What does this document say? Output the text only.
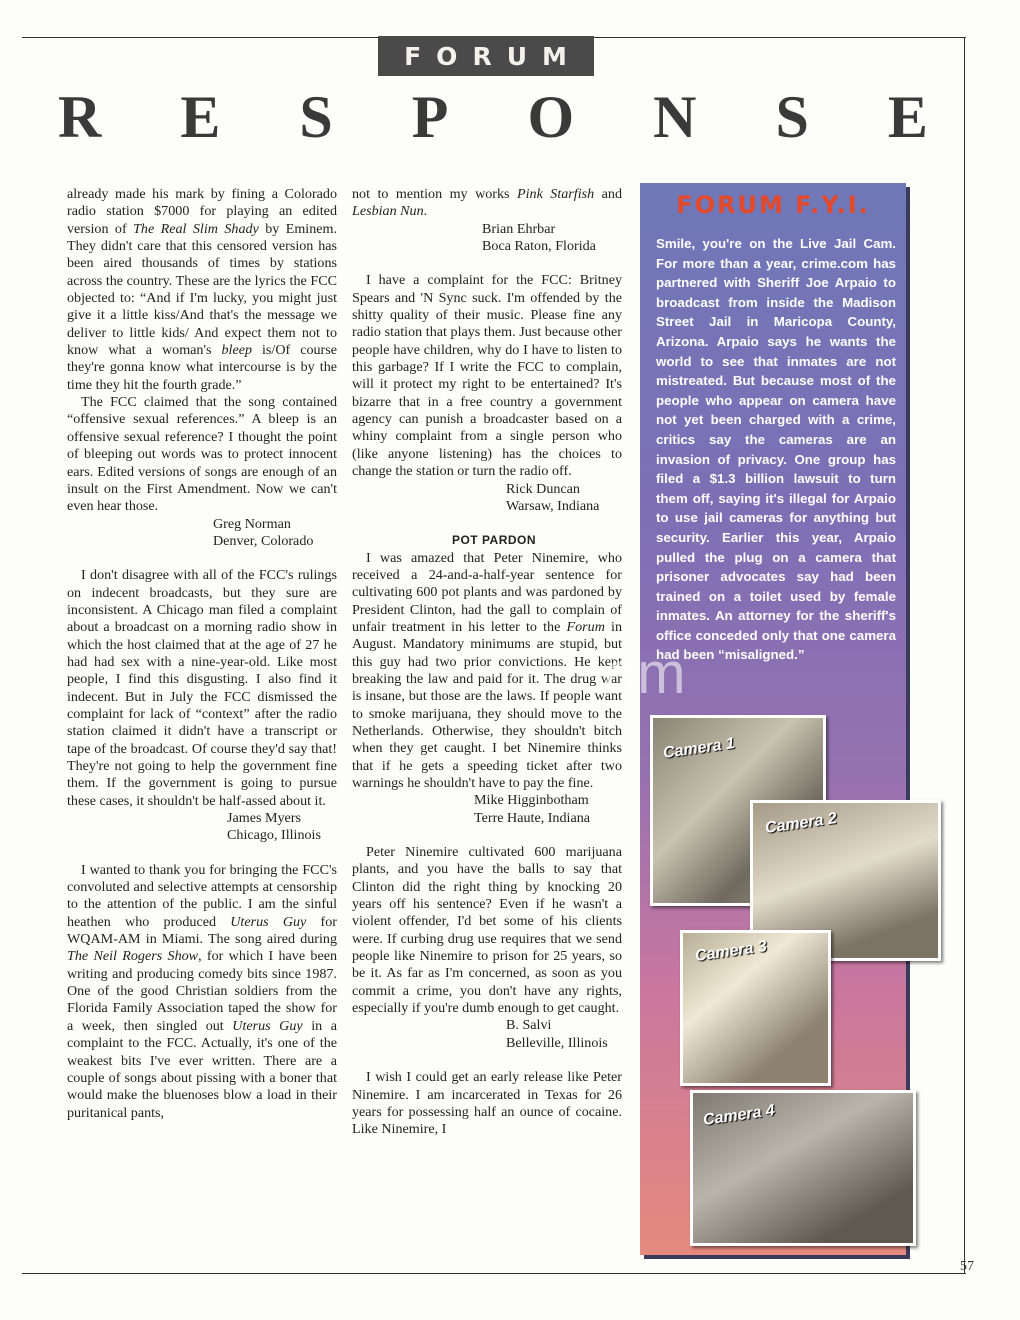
FORUM
R E S P O N S E

already made his mark by fining a Colorado radio station $7000 for playing an edited version of The Real Slim Shady by Eminem. They didn't care that this censored version has been aired thousands of times by stations across the country. These are the lyrics the FCC objected to: “And if I'm lucky, you might just give it a little kiss/And that's the message we deliver to little kids/ And expect them not to know what a woman's bleep is/Of course they're gonna know what intercourse is by the time they hit the fourth grade.”

The FCC claimed that the song contained “offensive sexual references.” A bleep is an offensive sexual reference? I thought the point of bleeping out words was to protect innocent ears. Edited versions of songs are enough of an insult on the First Amendment. Now we can't even hear those.

Greg Norman
Denver, Colorado

I don't disagree with all of the FCC's rulings on indecent broadcasts, but they sure are inconsistent. A Chicago man filed a complaint about a broadcast on a morning radio show in which the host claimed that at the age of 27 he had had sex with a nine-year-old. Like most people, I find this disgusting. I also find it indecent. But in July the FCC dismissed the complaint for lack of “context” after the radio station claimed it didn't have a transcript or tape of the broadcast. Of course they'd say that! They're not going to help the government fine them. If the government is going to pursue these cases, it shouldn't be half-assed about it.

James Myers
Chicago, Illinois

I wanted to thank you for bringing the FCC's convoluted and selective attempts at censorship to the attention of the public. I am the sinful heathen who produced Uterus Guy for WQAM-AM in Miami. The song aired during The Neil Rogers Show, for which I have been writing and producing comedy bits since 1987. One of the good Christian soldiers from the Florida Family Association taped the show for a week, then singled out Uterus Guy in a complaint to the FCC. Actually, it's one of the weakest bits I've ever written. There are a couple of songs about pissing with a boner that would make the bluenoses blow a load in their puritanical pants,

not to mention my works Pink Starfish and Lesbian Nun.

Brian Ehrbar
Boca Raton, Florida

I have a complaint for the FCC: Britney Spears and 'N Sync suck. I'm offended by the shitty quality of their music. Please fine any radio station that plays them. Just because other people have children, why do I have to listen to this garbage? If I write the FCC to complain, will it protect my right to be entertained? It's bizarre that in a free country a government agency can punish a broadcaster based on a whiny complaint from a single person who (like anyone listening) has the choices to change the station or turn the radio off.

Rick Duncan
Warsaw, Indiana

POT PARDON

I was amazed that Peter Ninemire, who received a 24-and-a-half-year sentence for cultivating 600 pot plants and was pardoned by President Clinton, had the gall to complain of unfair treatment in his letter to the Forum in August. Mandatory minimums are stupid, but this guy had two prior convictions. He kept breaking the law and paid for it. The drug war is insane, but those are the laws. If people want to smoke marijuana, they should move to the Netherlands. Otherwise, they shouldn't bitch when they get caught. I bet Ninemire thinks that if he gets a speeding ticket after two warnings he shouldn't have to pay the fine.

Mike Higginbotham
Terre Haute, Indiana

Peter Ninemire cultivated 600 marijuana plants, and you have the balls to say that Clinton did the right thing by knocking 20 years off his sentence? Even if he wasn't a violent offender, I'd bet some of his clients were. If curbing drug use requires that we send people like Ninemire to prison for 25 years, so be it. As far as I'm concerned, as soon as you commit a crime, you don't have any rights, especially if you're dumb enough to get caught.

B. Salvi
Belleville, Illinois

I wish I could get an early release like Peter Ninemire. I am incarcerated in Texas for 26 years for possessing half an ounce of cocaine. Like Ninemire, I

FORUM F.Y.I.
Smile, you're on the Live Jail Cam. For more than a year, crime.com has partnered with Sheriff Joe Arpaio to broadcast from inside the Madison Street Jail in Maricopa County, Arizona. Arpaio says he wants the world to see that inmates are not mistreated. But because most of the people who appear on camera have not yet been charged with a crime, critics say the cameras are an invasion of privacy. One group has filed a $1.3 billion lawsuit to turn them off, saying it's illegal for Arpaio to use jail cameras for anything but security. Earlier this year, Arpaio pulled the plug on a camera that prisoner advocates say had been trained on a toilet used by female inmates. An attorney for the sheriff's office conceded only that one camera had been “misaligned.”
om
Camera 1
Camera 2
Camera 3
Camera 4
57
